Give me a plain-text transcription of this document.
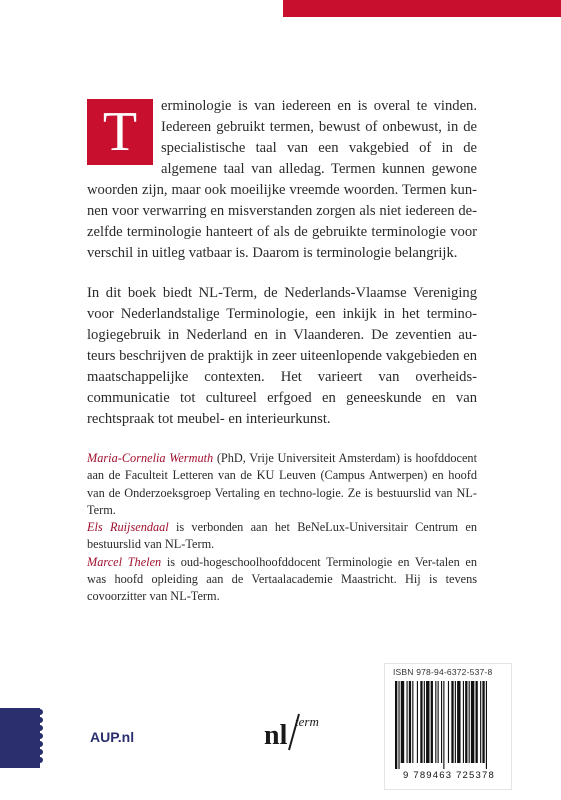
T	erminologie is van iedereen en is overal te vinden. Iedereen gebruikt termen, bewust of onbewust, in de specialistische taal van een vakgebied of in de algemene taal van alledag. Termen kunnen gewone woorden zijn, maar ook moeilijke vreemde woorden. Termen kun-nen voor verwarring en misverstanden zorgen als niet iedereen de-zelfde terminologie hanteert of als de gebruikte terminologie voor verschil in uitleg vatbaar is. Daarom is terminologie belangrijk.

In dit boek biedt NL-Term, de Nederlands-Vlaamse Vereniging voor Nederlandstalige Terminologie, een inkijk in het termino-logiegebruik in Nederland en in Vlaanderen. De zeventien au-teurs beschrijven de praktijk in zeer uiteenlopende vakgebieden en maatschappelijke contexten. Het varieert van overheids-communicatie tot cultureel erfgoed en geneeskunde en van rechtspraak tot meubel- en interieurkunst.

Maria-Cornelia Wermuth (PhD, Vrije Universiteit Amsterdam) is hoofddocent aan de Faculteit Letteren van de KU Leuven (Campus Antwerpen) en hoofd van de Onderzoeksgroep Vertaling en techno-logie. Ze is bestuurslid van NL-Term.

Els Ruijsendaal is verbonden aan het BeNeLux-Universitair Centrum en bestuurslid van NL-Term.

Marcel Thelen is oud-hogeschoolhoofddocent Terminologie en Ver-talen en was hoofd opleiding aan de Vertaalacademie Maastricht. Hij is tevens covoorzitter van NL-Term.

ISBN 978-94-6372-537-8
9 789463 725378
AUP.nl	nl term
